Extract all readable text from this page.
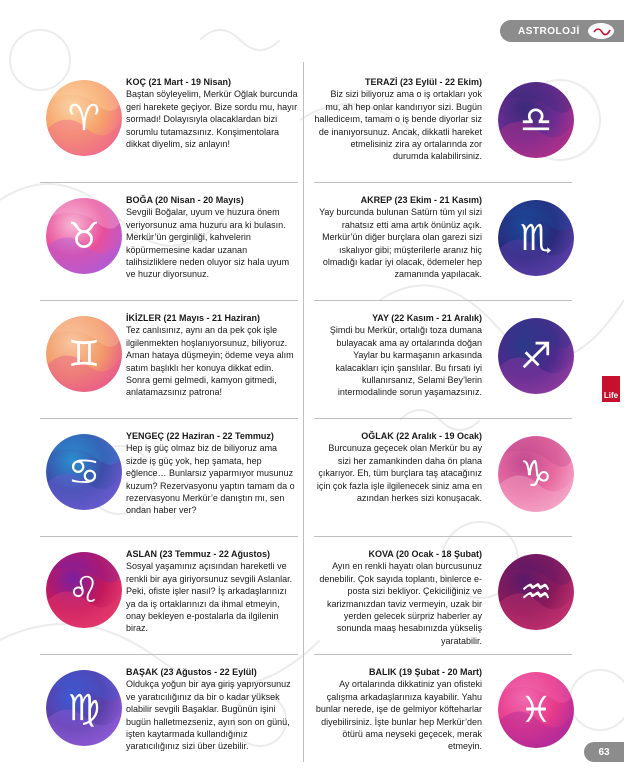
ASTROLOJİ
Life
63
♈
KOÇ (21 Mart - 19 Nisan)
Baştan söyleyelim, Merkür Oğlak burcunda geri harekete geçiyor. Bize sordu mu, hayır sormadı! Dolayısıyla olacaklardan bizi sorumlu tutamazsınız. Konşimentolara dikkat diyelim, siz anlayın!
♉
BOĞA (20 Nisan - 20 Mayıs)
Sevgili Boğalar, uyum ve huzura önem veriyorsunuz ama huzuru ara ki bulasın. Merkür’ün gerginliği, kahvelerin köpürmemesine kadar uzanan talihsizliklere neden oluyor siz hala uyum ve huzur diyorsunuz.
♊
İKİZLER (21 Mayıs - 21 Haziran)
Tez canlısınız, aynı an da pek çok işle ilgilenmekten hoşlanıyorsunuz, biliyoruz. Aman hataya düşmeyin; ödeme veya alım satım başlıklı her konuya dikkat edin. Sonra gemi gelmedi, kamyon gitmedi, anlatamazsınız patrona!
♋
YENGEÇ (22 Haziran - 22 Temmuz)
Hep iş güç olmaz biz de biliyoruz ama sizde iş güç yok, hep şamata, hep eğlence… Bunlarsız yaparmıyor musunuz kuzum? Rezervasyonu yaptın tamam da o rezervasyonu Merkür’e danıştın mı, sen ondan haber ver?
♌
ASLAN (23 Temmuz - 22 Ağustos)
Sosyal yaşamınız açısından hareketli ve renkli bir aya giriyorsunuz sevgili Aslanlar. Peki, ofiste işler nasıl? İş arkadaşlarınızı ya da iş ortaklarınızı da ihmal etmeyin, onay bekleyen e-postalarla da ilgilenin biraz.
♍
BAŞAK (23 Ağustos - 22 Eylül)
Oldukça yoğun bir aya giriş yapıyorsunuz ve yaratıcılığınız da bir o kadar yüksek olabilir sevgili Başaklar. Bugünün işini bugün halletmezseniz, ayın son on günü, işten kaytarmada kullandığınız yaratıcılığınız sizi über üzebilir.
♎
TERAZİ (23 Eylül - 22 Ekim)
Biz sizi biliyoruz ama o iş ortakları yok mu, ah hep onlar kandırıyor sizi. Bugün hallediceım, tamam o iş bende diyorlar siz de inanıyorsunuz. Ancak, dikkatli hareket etmelisiniz zira ay ortalarında zor durumda kalabilirsiniz.
♏
AKREP (23 Ekim - 21 Kasım)
Yay burcunda bulunan Satürn tüm yıl sizi rahatsız etti ama artık önünüz açık. Merkür’ün diğer burçlara olan garezi sizi ıskalıyor gibi; müşterilerle aranız hiç olmadığı kadar iyi olacak, ödemeler hep zamanında yapılacak.
♐
YAY (22 Kasım - 21 Aralık)
Şimdi bu Merkür, ortalığı toza dumana bulayacak ama ay ortalarında doğan Yaylar bu karmaşanın arkasında kalacakları için şanslılar. Bu fırsatı iyi kullanırsanız, Selami Bey’lerin intermodalinde sorun yaşamazsınız.
♑
OĞLAK (22 Aralık - 19 Ocak)
Burcunuza geçecek olan Merkür bu ay sizi her zamankinden daha ön plana çıkarıyor. Eh, tüm burçlara taş atacağınız için çok fazla işle ilgilenecek siniz ama en azından herkes sizi konuşacak.
♒
KOVA (20 Ocak - 18 Şubat)
Ayın en renkli hayatı olan burcusunuz denebilir. Çok sayıda toplantı, binlerce e-posta sizi bekliyor. Çekiciliğiniz ve karizmanızdan taviz vermeyin, uzak bir yerden gelecek sürpriz haberler ay sonunda maaş hesabınızda yükseliş yaratabilir.
♓
BALIK (19 Şubat - 20 Mart)
Ay ortalarında dikkatiniz yan ofisteki çalışma arkadaşlarınıza kayabilir. Yahu bunlar nerede, işe de gelmiyor köfteharlar diyebilirsiniz. İşte bunlar hep Merkür’den ötürü ama neyseki geçecek, merak etmeyin.
